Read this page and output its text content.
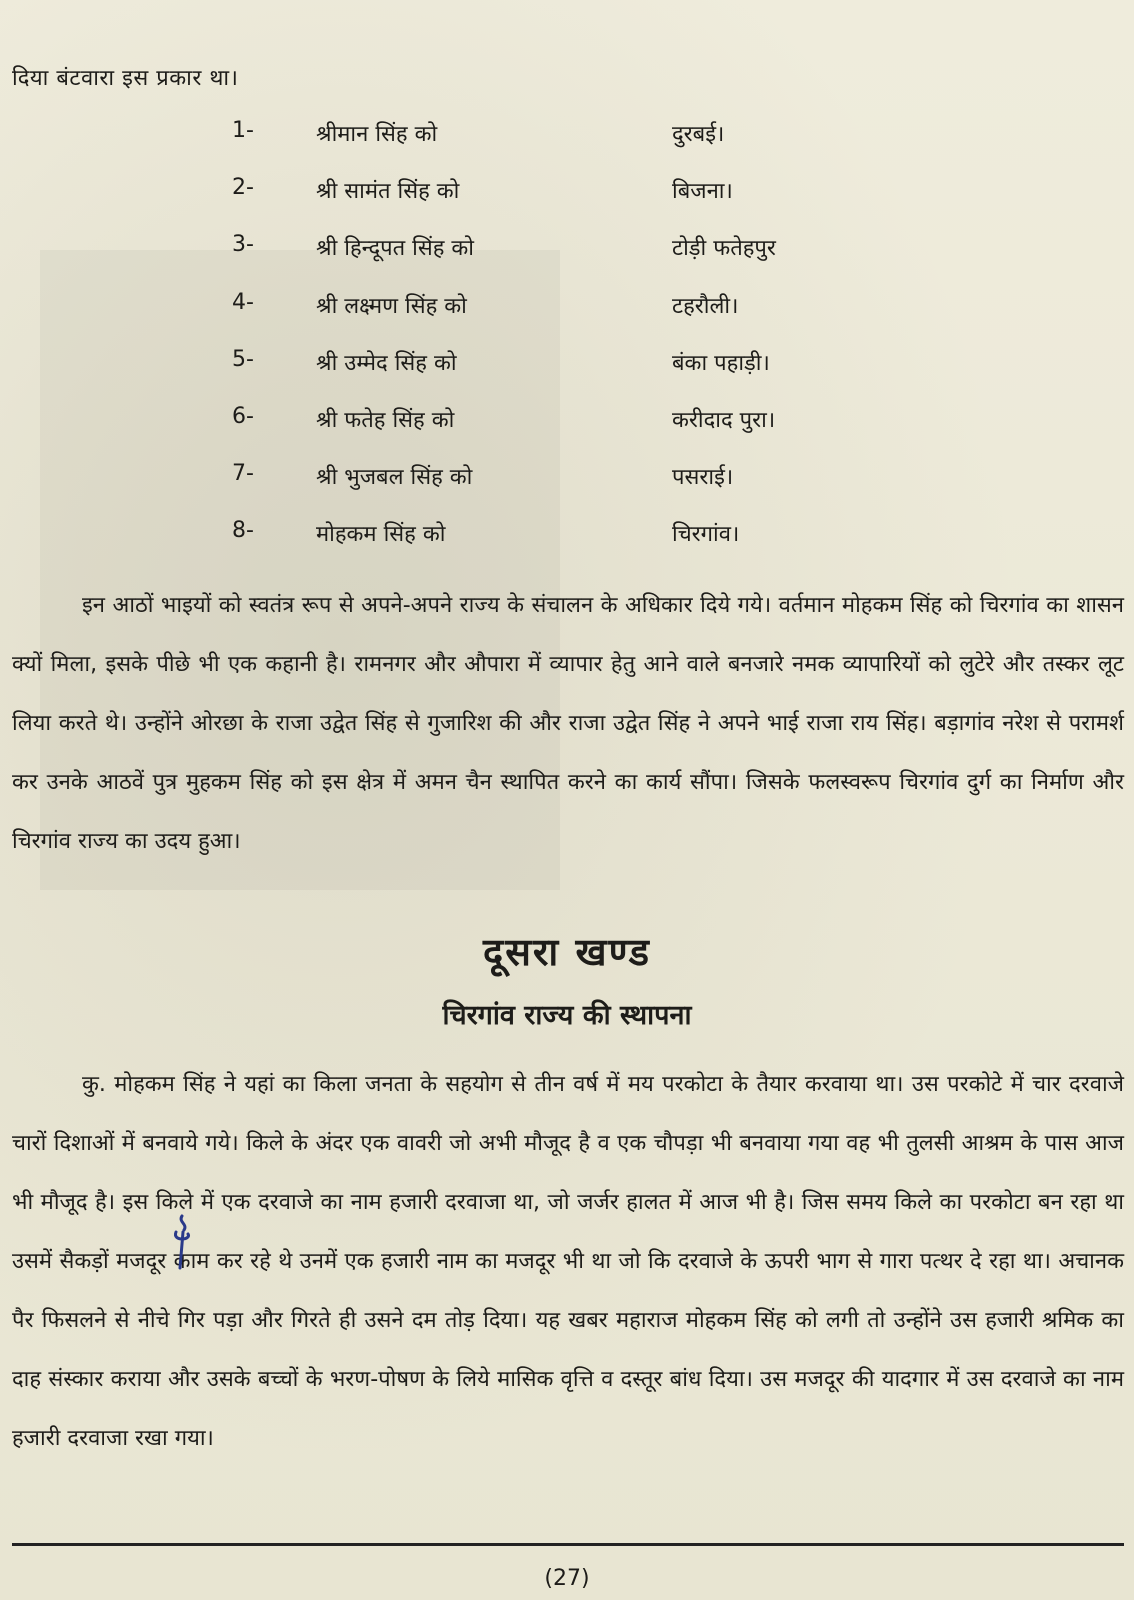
दिया बंटवारा इस प्रकार था।
1-	श्रीमान सिंह को	दुरबई।
2-	श्री सामंत सिंह को	बिजना।
3-	श्री हिन्दूपत सिंह को	टोड़ी फतेहपुर
4-	श्री लक्ष्मण सिंह को	टहरौली।
5-	श्री उम्मेद सिंह को	बंका पहाड़ी।
6-	श्री फतेह सिंह को	करीदाद पुरा।
7-	श्री भुजबल सिंह को	पसराई।
8-	मोहकम सिंह को	चिरगांव।

इन आठों भाइयों को स्वतंत्र रूप से अपने-अपने राज्य के संचालन के अधिकार दिये गये। वर्तमान मोहकम सिंह को चिरगांव का शासन क्यों मिला, इसके पीछे भी एक कहानी है। रामनगर और औपारा में व्यापार हेतु आने वाले बनजारे नमक व्यापारियों को लुटेरे और तस्कर लूट लिया करते थे। उन्होंने ओरछा के राजा उद्वेत सिंह से गुजारिश की और राजा उद्वेत सिंह ने अपने भाई राजा राय सिंह। बड़ागांव नरेश से परामर्श कर उनके आठवें पुत्र मुहकम सिंह को इस क्षेत्र में अमन चैन स्थापित करने का कार्य सौंपा। जिसके फलस्वरूप चिरगांव दुर्ग का निर्माण और चिरगांव राज्य का उदय हुआ।

दूसरा खण्ड
चिरगांव राज्य की स्थापना

कु. मोहकम सिंह ने यहां का किला जनता के सहयोग से तीन वर्ष में मय परकोटा के तैयार करवाया था। उस परकोटे में चार दरवाजे चारों दिशाओं में बनवाये गये। किले के अंदर एक वावरी जो अभी मौजूद है व एक चौपड़ा भी बनवाया गया वह भी तुलसी आश्रम के पास आज भी मौजूद है। इस किले में एक दरवाजे का नाम हजारी दरवाजा था, जो जर्जर हालत में आज भी है। जिस समय किले का परकोटा बन रहा था उसमें सैकड़ों मजदूर काम कर रहे थे उनमें एक हजारी नाम का मजदूर भी था जो कि दरवाजे के ऊपरी भाग से गारा पत्थर दे रहा था। अचानक पैर फिसलने से नीचे गिर पड़ा और गिरते ही उसने दम तोड़ दिया। यह खबर महाराज मोहकम सिंह को लगी तो उन्होंने उस हजारी श्रमिक का दाह संस्कार कराया और उसके बच्चों के भरण-पोषण के लिये मासिक वृत्ति व दस्तूर बांध दिया। उस मजदूर की यादगार में उस दरवाजे का नाम हजारी दरवाजा रखा गया।

(27)
